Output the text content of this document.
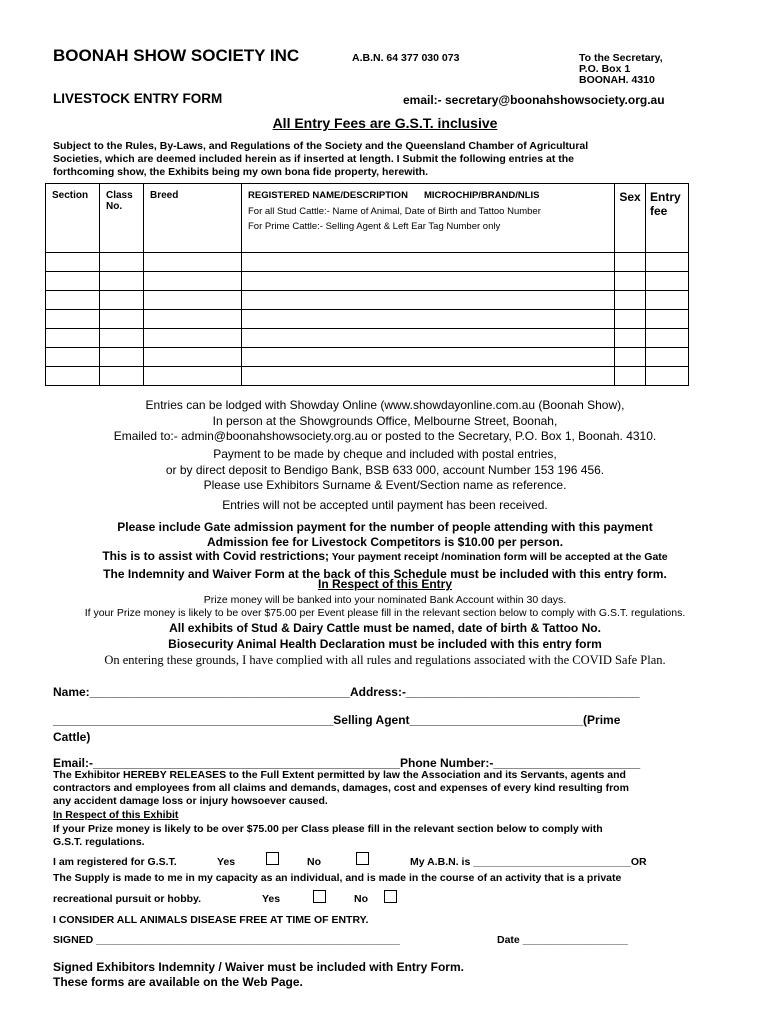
BOONAH SHOW SOCIETY INC	A.B.N. 64 377 030 073	To the Secretary,
P.O. Box 1
BOONAH. 4310
LIVESTOCK ENTRY FORM	email:- secretary@boonahshowsociety.org.au
All Entry Fees are G.S.T. inclusive
Subject to the Rules, By-Laws, and Regulations of the Society and the Queensland Chamber of Agricultural
Societies, which are deemed included herein as if inserted at length. I Submit the following entries at the
forthcoming show, the Exhibits being my own bona fide property, herewith.
Section	Class No.	Breed	REGISTERED NAME/DESCRIPTION MICROCHIP/BRAND/NLIS
For all Stud Cattle:- Name of Animal, Date of Birth and Tattoo Number
For Prime Cattle:- Selling Agent & Left Ear Tag Number only	Sex	Entry fee

Entries can be lodged with Showday Online (www.showdayonline.com.au (Boonah Show),
In person at the Showgrounds Office, Melbourne Street, Boonah,
Emailed to:- admin@boonahshowsociety.org.au or posted to the Secretary, P.O. Box 1, Boonah. 4310.
Payment to be made by cheque and included with postal entries,
or by direct deposit to Bendigo Bank, BSB 633 000, account Number 153 196 456.
Please use Exhibitors Surname & Event/Section name as reference.
Entries will not be accepted until payment has been received.
Please include Gate admission payment for the number of people attending with this payment
Admission fee for Livestock Competitors is $10.00 per person.
This is to assist with Covid restrictions; Your payment receipt /nomination form will be accepted at the Gate
The Indemnity and Waiver Form at the back of this Schedule must be included with this entry form.
In Respect of this Entry
Prize money will be banked into your nominated Bank Account within 30 days.
If your Prize money is likely to be over $75.00 per Event please fill in the relevant section below to comply with G.S.T. regulations.
All exhibits of Stud & Dairy Cattle must be named, date of birth & Tattoo No.
Biosecurity Animal Health Declaration must be included with this entry form
On entering these grounds, I have complied with all rules and regulations associated with the COVID Safe Plan.
Name:_______________________________________Address:-___________________________________
__________________________________________Selling Agent__________________________(Prime
Cattle)
Email:-______________________________________________Phone Number:-______________________
The Exhibitor HEREBY RELEASES to the Full Extent permitted by law the Association and its Servants, agents and
contractors and employees from all claims and demands, damages, cost and expenses of every kind resulting from
any accident damage loss or injury howsoever caused.
In Respect of this Exhibit
If your Prize money is likely to be over $75.00 per Class please fill in the relevant section below to comply with
G.S.T. regulations.
I am registered for G.S.T.	Yes	No	My A.B.N. is ___________________________OR
The Supply is made to me in my capacity as an individual, and is made in the course of an activity that is a private
recreational pursuit or hobby.	Yes	No
I CONSIDER ALL ANIMALS DISEASE FREE AT TIME OF ENTRY.
SIGNED ____________________________________________________	Date __________________
Signed Exhibitors Indemnity / Waiver must be included with Entry Form.
These forms are available on the Web Page.
